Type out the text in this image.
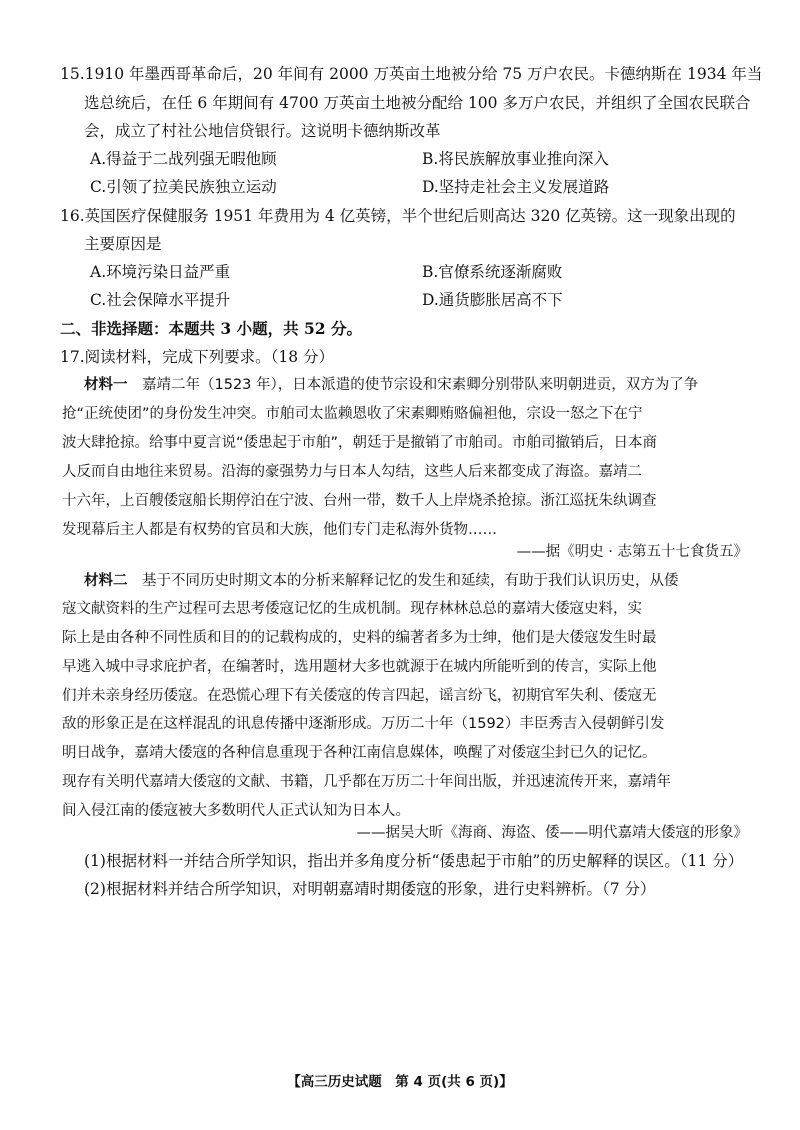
15.1910 年墨西哥革命后，20 年间有 2000 万英亩土地被分给 75 万户农民。卡德纳斯在 1934 年当
选总统后，在任 6 年期间有 4700 万英亩土地被分配给 100 多万户农民，并组织了全国农民联合
会，成立了村社公地信贷银行。这说明卡德纳斯改革
A.得益于二战列强无暇他顾	B.将民族解放事业推向深入
C.引领了拉美民族独立运动	D.坚持走社会主义发展道路
16.英国医疗保健服务 1951 年费用为 4 亿英镑，半个世纪后则高达 320 亿英镑。这一现象出现的
主要原因是
A.环境污染日益严重	B.官僚系统逐渐腐败
C.社会保障水平提升	D.通货膨胀居高不下
二、非选择题：本题共 3 小题，共 52 分。
17.阅读材料，完成下列要求。（18 分）
材料一　 嘉靖二年（1523 年），日本派遣的使节宗设和宋素卿分别带队来明朝进贡，双方为了争
抢“正统使团”的身份发生冲突。市舶司太监赖恩收了宋素卿贿赂偏袒他，宗设一怒之下在宁
波大肆抢掠。给事中夏言说“倭患起于市舶”，朝廷于是撤销了市舶司。市舶司撤销后，日本商
人反而自由地往来贸易。沿海的豪强势力与日本人勾结，这些人后来都变成了海盗。嘉靖二
十六年，上百艘倭寇船长期停泊在宁波、台州一带，数千人上岸烧杀抢掠。浙江巡抚朱纨调查
发现幕后主人都是有权势的官员和大族，他们专门走私海外货物……
——据《明史 · 志第五十七食货五》
材料二　 基于不同历史时期文本的分析来解释记忆的发生和延续，有助于我们认识历史，从倭
寇文献资料的生产过程可去思考倭寇记忆的生成机制。现存林林总总的嘉靖大倭寇史料，实
际上是由各种不同性质和目的的记载构成的，史料的编著者多为士绅，他们是大倭寇发生时最
早逃入城中寻求庇护者，在编著时，选用题材大多也就源于在城内所能听到的传言，实际上他
们并未亲身经历倭寇。在恐慌心理下有关倭寇的传言四起，谣言纷飞，初期官军失利、倭寇无
敌的形象正是在这样混乱的讯息传播中逐渐形成。万历二十年（1592）丰臣秀吉入侵朝鲜引发
明日战争，嘉靖大倭寇的各种信息重现于各种江南信息媒体，唤醒了对倭寇尘封已久的记忆。
现存有关明代嘉靖大倭寇的文献、书籍，几乎都在万历二十年间出版，并迅速流传开来，嘉靖年
间入侵江南的倭寇被大多数明代人正式认知为日本人。
——据吴大昕《海商、海盗、倭——明代嘉靖大倭寇的形象》
(1)根据材料一并结合所学知识，指出并多角度分析“倭患起于市舶”的历史解释的误区。（11 分）
(2)根据材料并结合所学知识，对明朝嘉靖时期倭寇的形象，进行史料辨析。（7 分）
【高三历史试题　第 4 页(共 6 页)】
